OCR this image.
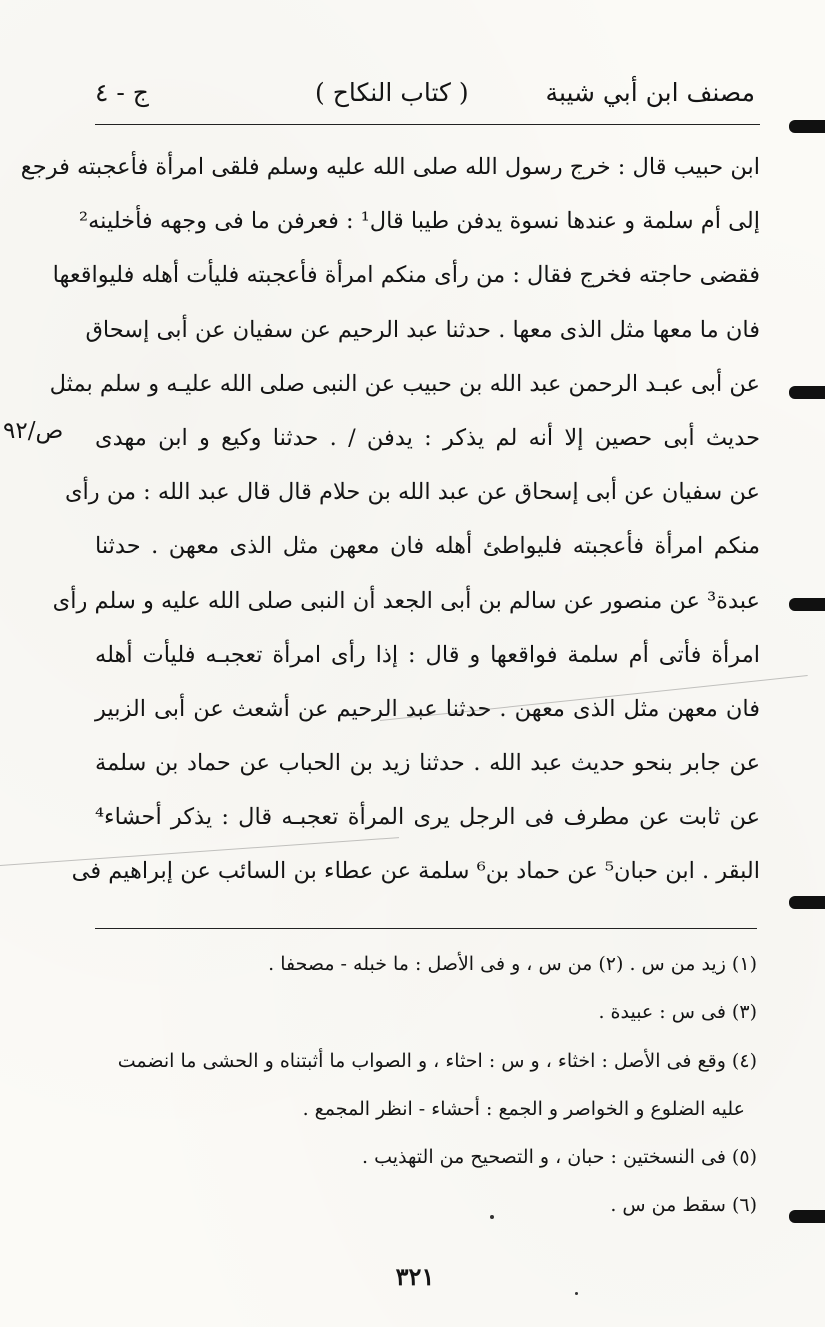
مصنف ابن أبي شيبة
( كتاب النكاح )
ج - ٤
ابن حبيب قال : خرج رسول الله صلى الله عليه وسلم فلقى امرأة فأعجبته فرجع
إلى أم سلمة و عندها نسوة يدفن طيبا قال¹ : فعرفن ما فى وجهه فأخلينه²
فقضى حاجته فخرج فقال : من رأى منكم امرأة فأعجبته فليأت أهله فليواقعها
فان ما معها مثل الذى معها . حدثنا عبد الرحيم عن سفيان عن أبى إسحاق
عن أبى عبـد الرحمن عبد الله بن حبيب عن النبى صلى الله عليـه و سلم بمثل
حديث أبى حصين إلا أنه لم يذكر : يدفن / . حدثنا وكيع و ابن مهدى
عن سفيان عن أبى إسحاق عن عبد الله بن حلام قال قال عبد الله : من رأى
منكم امرأة فأعجبته فليواطئ أهله فان معهن مثل الذى معهن . حدثنا
عبدة³ عن منصور عن سالم بن أبى الجعد أن النبى صلى الله عليه و سلم رأى
امرأة فأتى أم سلمة فواقعها و قال : إذا رأى امرأة تعجبـه فليأت أهله
فان معهن مثل الذى معهن . حدثنا عبد الرحيم عن أشعث عن أبى الزبير
عن جابر بنحو حديث عبد الله . حدثنا زيد بن الحباب عن حماد بن سلمة
عن ثابت عن مطرف فى الرجل يرى المرأة تعجبـه قال : يذكر أحشاء⁴
البقر . ابن حبان⁵ عن حماد بن⁶ سلمة عن عطاء بن السائب عن إبراهيم فى
ص/٩٢
(١) زيد من س . (٢) من س ، و فى الأصل : ما خبله - مصحفا .
(٣) فى س : عبيدة .
(٤) وقع فى الأصل : اخثاء ، و س : احثاء ، و الصواب ما أثبتناه و الحشى ما انضمت
عليه الضلوع و الخواصر و الجمع : أحشاء - انظر المجمع .
(٥) فى النسختين : حبان ، و التصحيح من التهذيب .
(٦) سقط من س .
٣٢١
